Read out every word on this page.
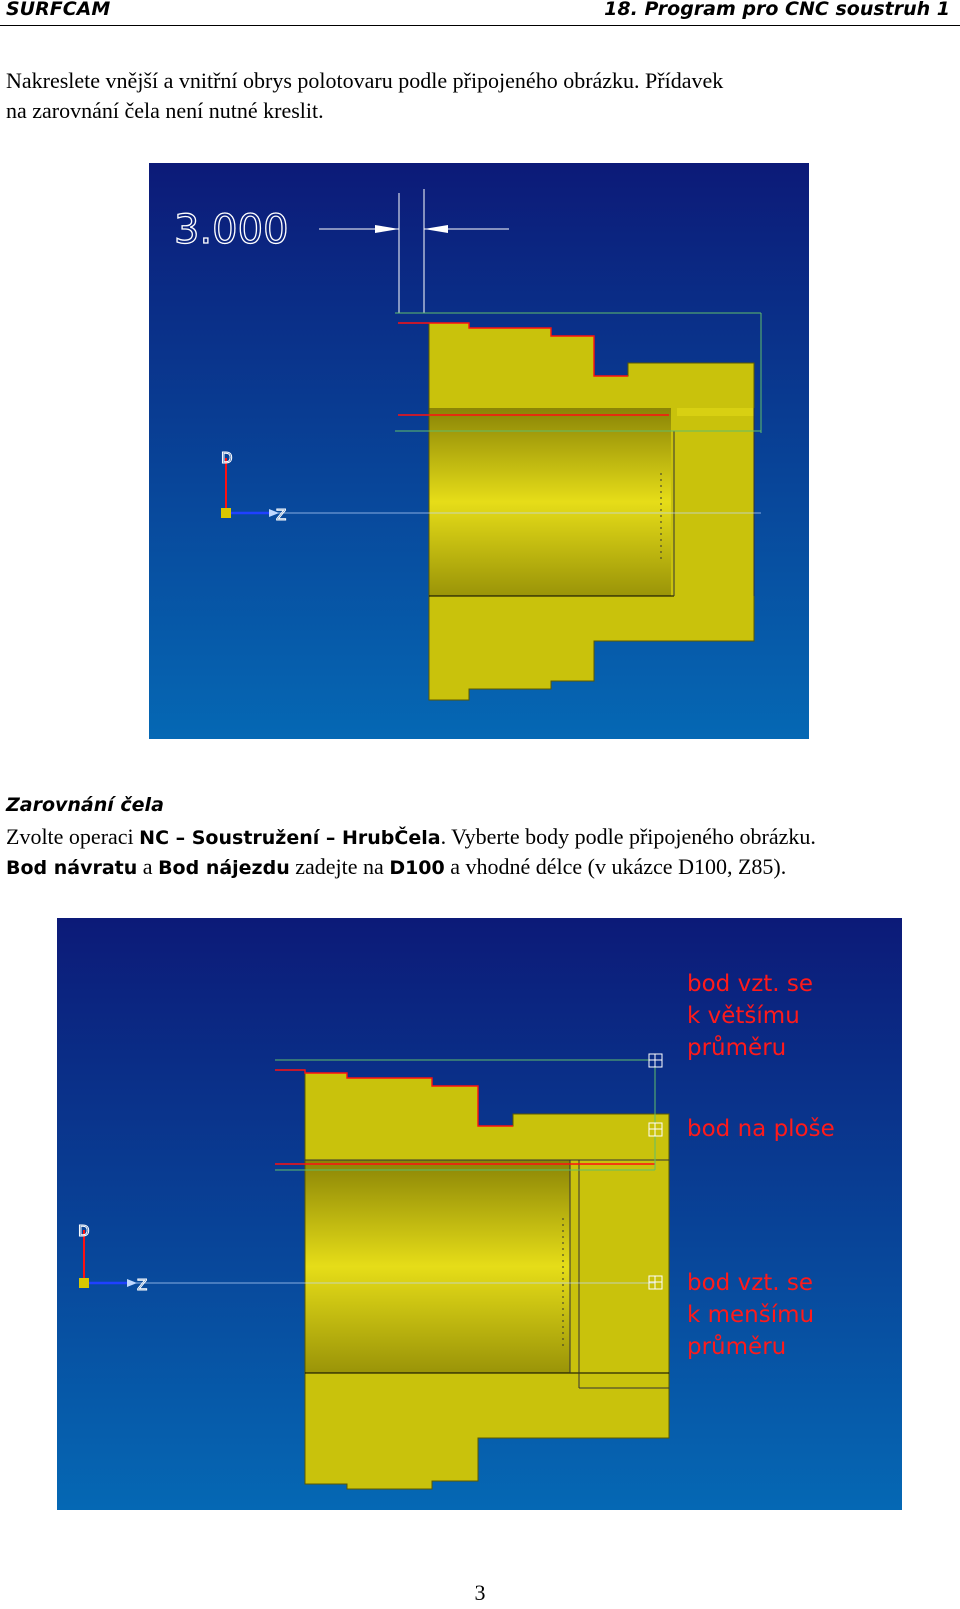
SURFCAM	18. Program pro CNC soustruh 1
Nakreslete vnější a vnitřní obrys polotovaru podle připojeného obrázku. Přídavek
na zarovnání čela není nutné kreslit.
3.000
D
Z
Zarovnání čela
Zvolte operaci NC – Soustružení – HrubČela. Vyberte body podle připojeného obrázku.
Bod návratu a Bod nájezdu zadejte na D100 a vhodné délce (v ukázce D100, Z85).
D
Z
bod vzt. se
k většímu
průměru
bod na ploše
bod vzt. se
k menšímu
průměru
3
